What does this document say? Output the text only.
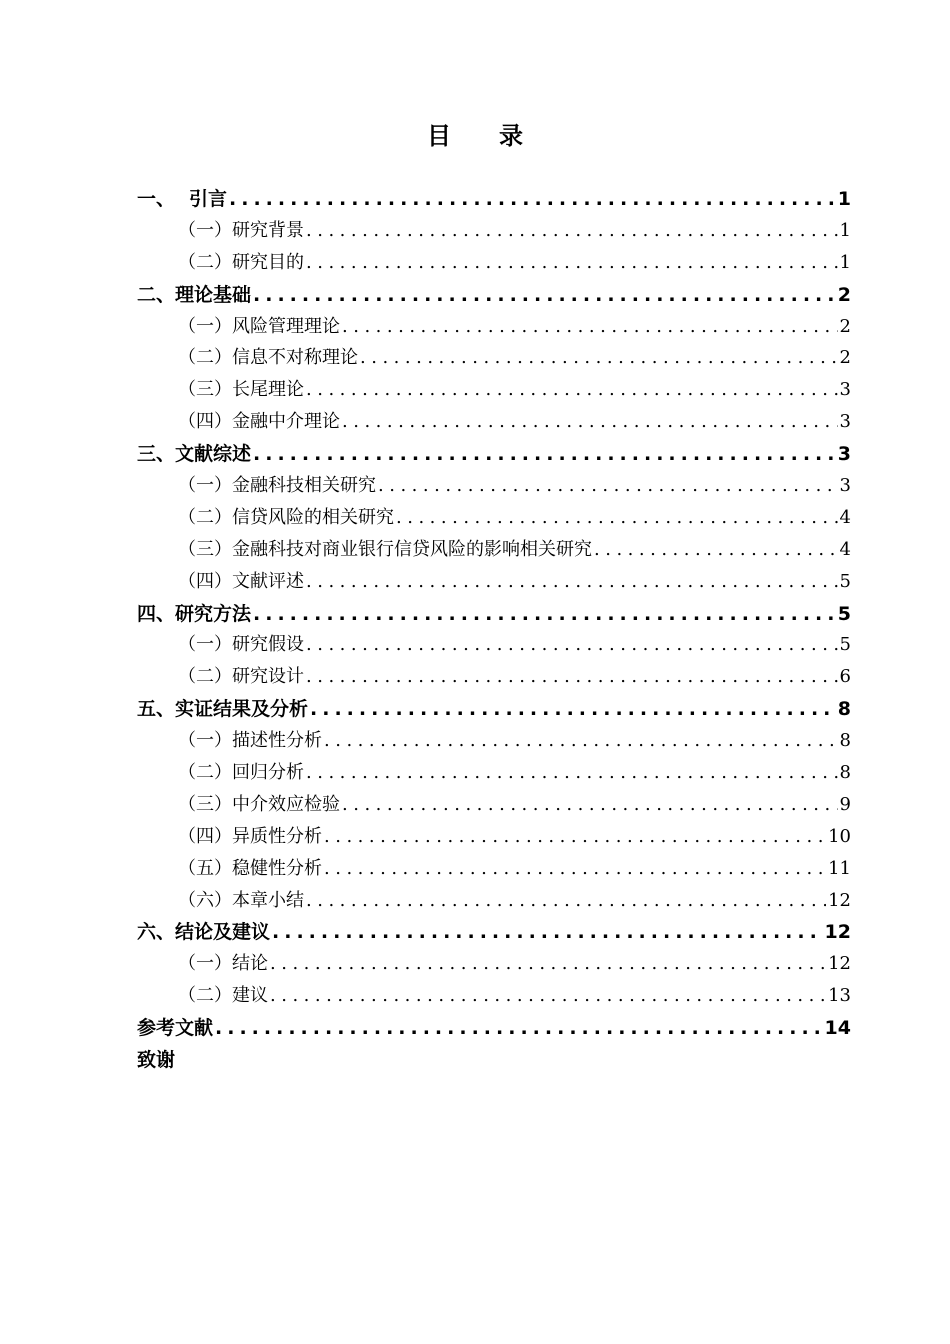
目 录
一、 引言 .....	1
（一）研究背景 .....	1
（二）研究目的 .....	1
二、理论基础 .....	2
（一）风险管理理论 .....	2
（二）信息不对称理论 .....	2
（三）长尾理论 .....	3
（四）金融中介理论 .....	3
三、文献综述 .....	3
（一）金融科技相关研究 .....	3
（二）信贷风险的相关研究 .....	4
（三）金融科技对商业银行信贷风险的影响相关研究 .....	4
（四）文献评述 .....	5
四、研究方法 .....	5
（一）研究假设 .....	5
（二）研究设计 .....	6
五、实证结果及分析 .....	8
（一）描述性分析 .....	8
（二）回归分析 .....	8
（三）中介效应检验 .....	9
（四）异质性分析 .....	10
（五）稳健性分析 .....	11
（六）本章小结 .....	12
六、结论及建议 .....	12
（一）结论 .....	12
（二）建议 .....	13
参考文献 .....	14
致谢
